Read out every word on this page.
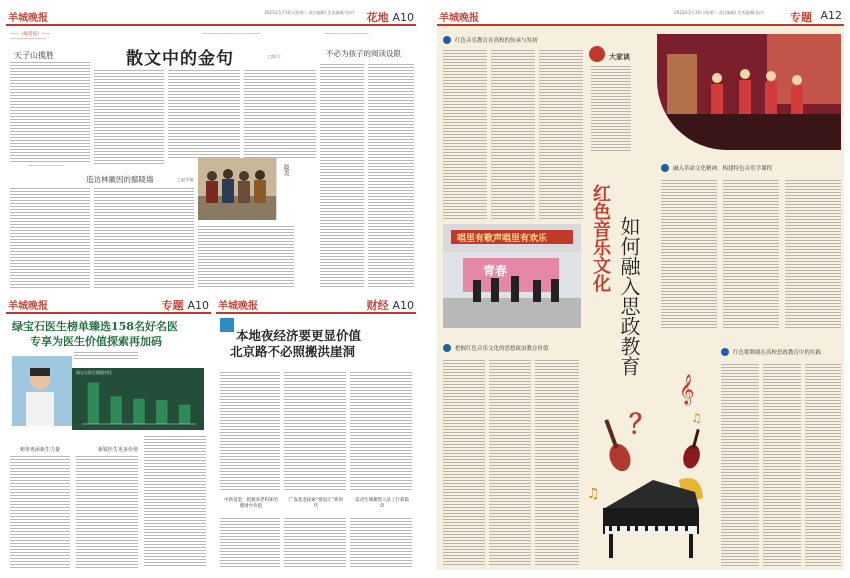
羊城晚报
2023年5月30日/星期二 责任编辑/ 美术编辑/ 校对 花地 A10
——（编者按）——
————————
天子山揽胜
————————
造访林徽因的鄢陵墙	□赵雪敏
散文中的金句	□郭 江
—————————————
最美
——————————
不必为孩子的阅读设限
羊城晚报	专题 A10
绿宝石医生榜单臻选158名好名医
专享为医生价值探索再加码
绿宝石医生数据对比
榜单再添新生力量	新锐医生更多价值
羊城晚报	财经 A10
本地夜经济要更显价值
北京路不必照搬洪崖洞
中新基金：把握养老FOF的理财中价值
广发基金探索“群星汇”新时代
雷动生城蓄势入驻工行新篇章
羊城晚报
2023年5月30日/星期二 责任编辑/ 美术编辑/ 校对 专题 A12
红色音乐教育在高校的传承与发扬
大家谈
融入革命文化精神，构建特色音乐学课程
唱里有歌声唱里有欢乐
青春	红色音乐文化 如何融入思政教育
？
把握红色音乐文化的思想政治教育价值
𝄞
♫
♫
红色歌舞剧在高校思政教育中的实践
